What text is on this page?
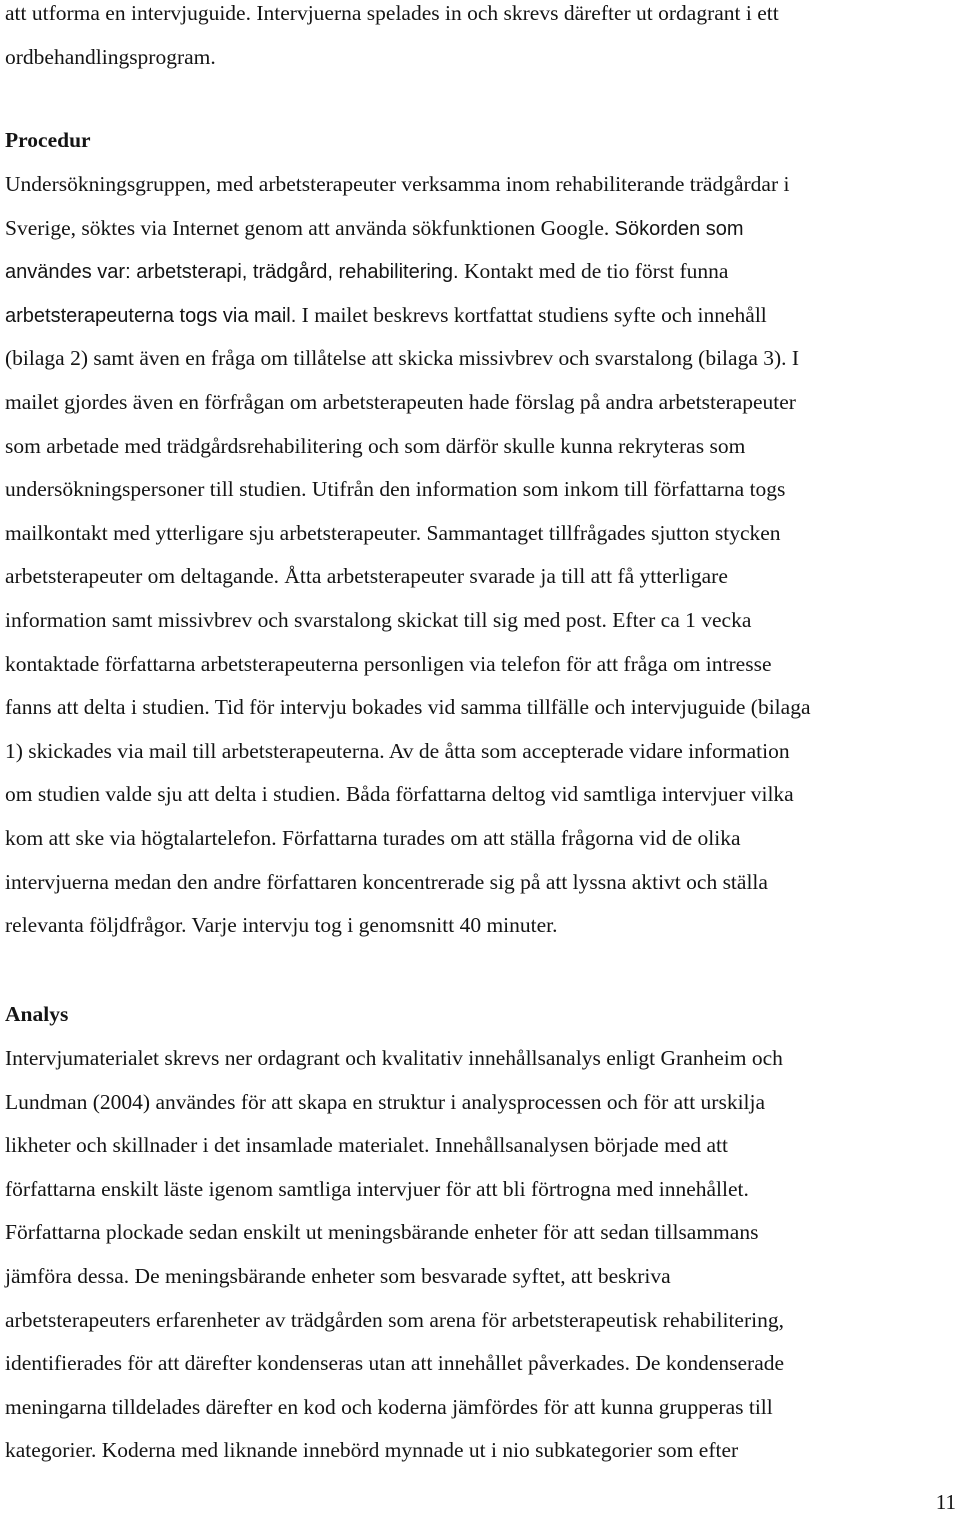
att utforma en intervjuguide. Intervjuerna spelades in och skrevs därefter ut ordagrant i ett
ordbehandlingsprogram.
Procedur
Undersökningsgruppen, med arbetsterapeuter verksamma inom rehabiliterande trädgårdar i
Sverige, söktes via Internet genom att använda sökfunktionen Google. Sökorden som
användes var: arbetsterapi, trädgård, rehabilitering. Kontakt med de tio först funna
arbetsterapeuterna togs via mail. I mailet beskrevs kortfattat studiens syfte och innehåll
(bilaga 2) samt även en fråga om tillåtelse att skicka missivbrev och svarstalong (bilaga 3). I
mailet gjordes även en förfrågan om arbetsterapeuten hade förslag på andra arbetsterapeuter
som arbetade med trädgårdsrehabilitering och som därför skulle kunna rekryteras som
undersökningspersoner till studien. Utifrån den information som inkom till författarna togs
mailkontakt med ytterligare sju arbetsterapeuter. Sammantaget tillfrågades sjutton stycken
arbetsterapeuter om deltagande. Åtta arbetsterapeuter svarade ja till att få ytterligare
information samt missivbrev och svarstalong skickat till sig med post. Efter ca 1 vecka
kontaktade författarna arbetsterapeuterna personligen via telefon för att fråga om intresse
fanns att delta i studien. Tid för intervju bokades vid samma tillfälle och intervjuguide (bilaga
1) skickades via mail till arbetsterapeuterna. Av de åtta som accepterade vidare information
om studien valde sju att delta i studien. Båda författarna deltog vid samtliga intervjuer vilka
kom att ske via högtalartelefon. Författarna turades om att ställa frågorna vid de olika
intervjuerna medan den andre författaren koncentrerade sig på att lyssna aktivt och ställa
relevanta följdfrågor. Varje intervju tog i genomsnitt 40 minuter.
Analys
Intervjumaterialet skrevs ner ordagrant och kvalitativ innehållsanalys enligt Granheim och
Lundman (2004) användes för att skapa en struktur i analysprocessen och för att urskilja
likheter och skillnader i det insamlade materialet. Innehållsanalysen började med att
författarna enskilt läste igenom samtliga intervjuer för att bli förtrogna med innehållet.
Författarna plockade sedan enskilt ut meningsbärande enheter för att sedan tillsammans
jämföra dessa. De meningsbärande enheter som besvarade syftet, att beskriva
arbetsterapeuters erfarenheter av trädgården som arena för arbetsterapeutisk rehabilitering,
identifierades för att därefter kondenseras utan att innehållet påverkades. De kondenserade
meningarna tilldelades därefter en kod och koderna jämfördes för att kunna grupperas till
kategorier. Koderna med liknande innebörd mynnade ut i nio subkategorier som efter

11
